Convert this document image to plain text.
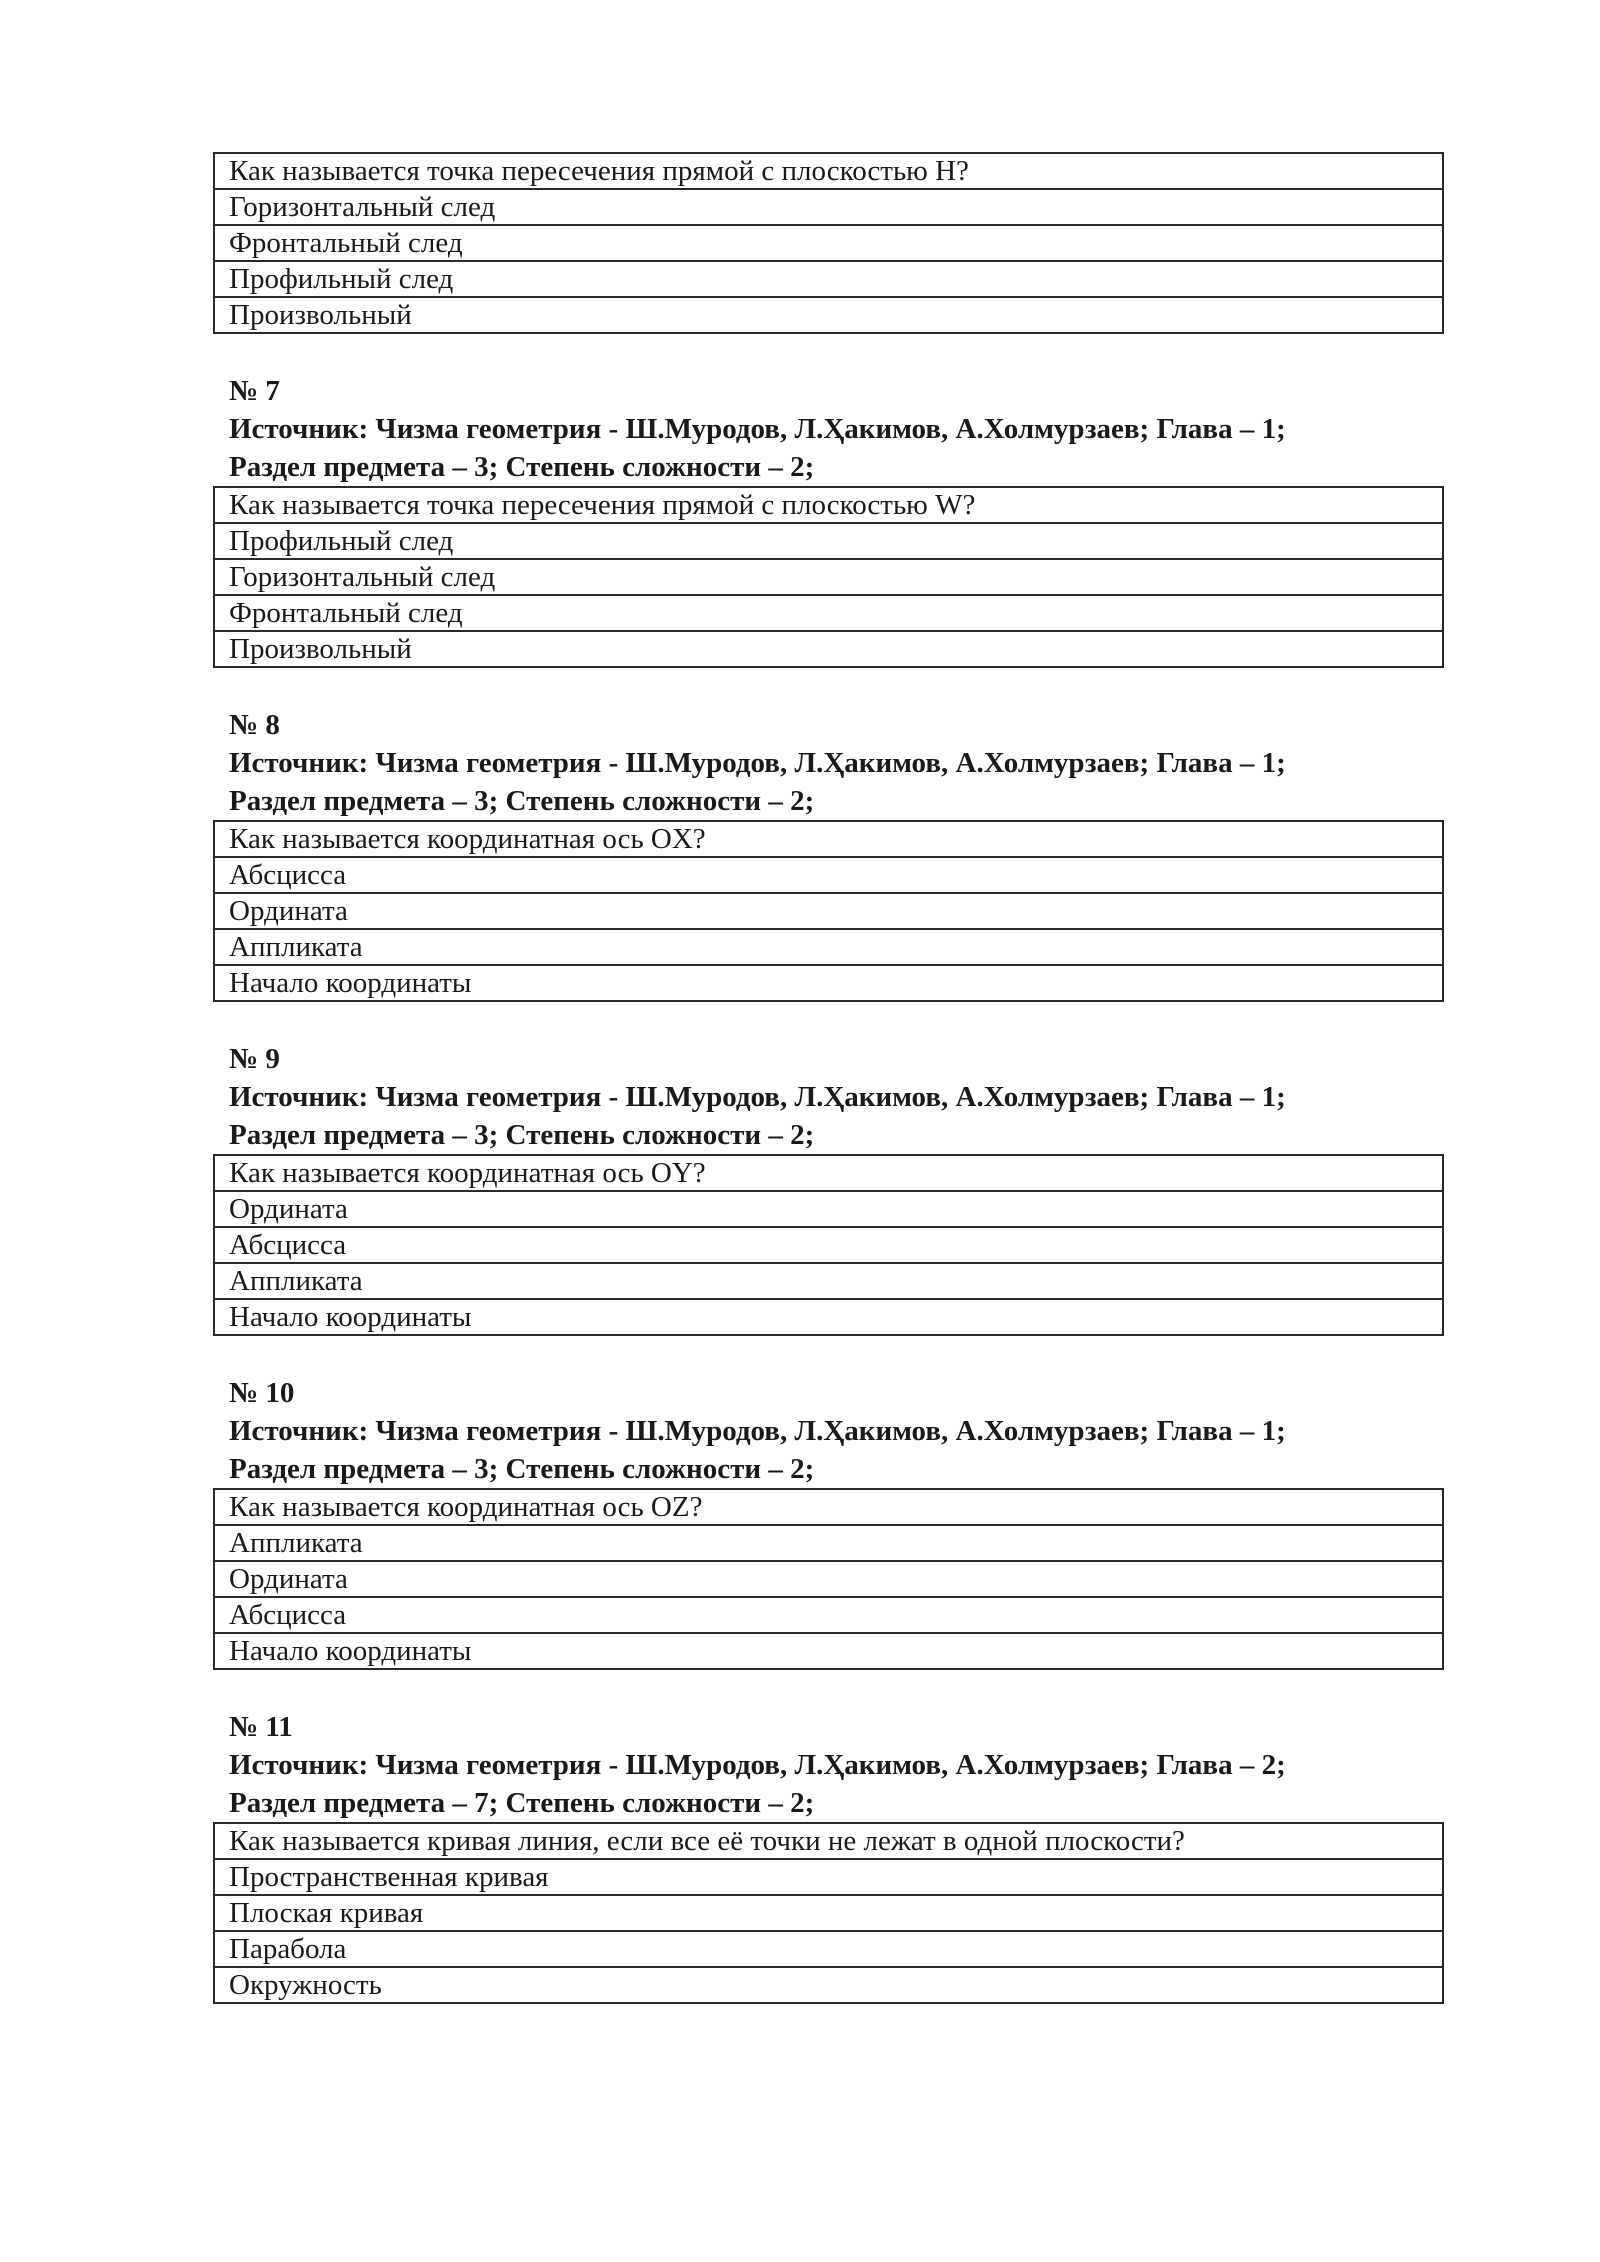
Как называется точка пересечения прямой с плоскостью H?
Горизонтальный след
Фронтальный след
Профильный след
Произвольный
№ 7
Источник: Чизма геометрия - Ш.Муродов, Л.Ҳакимов, А.Холмурзаев; Глава – 1;
Раздел предмета – 3; Степень сложности – 2;
Как называется точка пересечения прямой с плоскостью W?
Профильный след
Горизонтальный след
Фронтальный след
Произвольный
№ 8
Источник: Чизма геометрия - Ш.Муродов, Л.Ҳакимов, А.Холмурзаев; Глава – 1;
Раздел предмета – 3; Степень сложности – 2;
Как называется координатная ось OX?
Абсцисса
Ордината
Аппликата
Начало координаты
№ 9
Источник: Чизма геометрия - Ш.Муродов, Л.Ҳакимов, А.Холмурзаев; Глава – 1;
Раздел предмета – 3; Степень сложности – 2;
Как называется координатная ось OY?
Ордината
Абсцисса
Аппликата
Начало координаты
№ 10
Источник: Чизма геометрия - Ш.Муродов, Л.Ҳакимов, А.Холмурзаев; Глава – 1;
Раздел предмета – 3; Степень сложности – 2;
Как называется координатная ось OZ?
Аппликата
Ордината
Абсцисса
Начало координаты
№ 11
Источник: Чизма геометрия - Ш.Муродов, Л.Ҳакимов, А.Холмурзаев; Глава – 2;
Раздел предмета – 7; Степень сложности – 2;
Как называется кривая линия, если все её точки не лежат в одной плоскости?
Пространственная кривая
Плоская кривая
Парабола
Окружность
